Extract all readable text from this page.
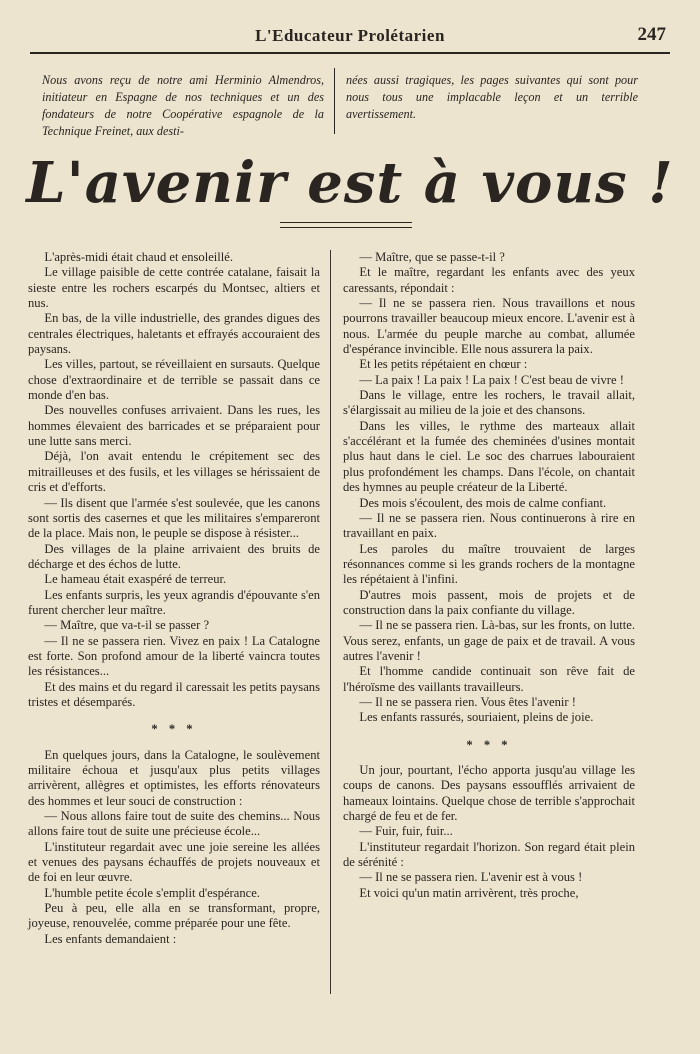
L'Educateur Prolétarien	247
Nous avons reçu de notre ami Herminio Almendros, initiateur en Espagne de nos techniques et un des fondateurs de notre Coopérative espagnole de la Technique Freinet, aux desti-
nées aussi tragiques, les pages suivantes qui sont pour nous tous une implacable leçon et un terrible avertissement.
L'avenir est à vous !

L'après-midi était chaud et ensoleillé.

Le village paisible de cette contrée catalane, faisait la sieste entre les rochers escarpés du Montsec, altiers et nus.

En bas, de la ville industrielle, des grandes digues des centrales électriques, haletants et effrayés accouraient des paysans.

Les villes, partout, se réveillaient en sursauts. Quelque chose d'extraordinaire et de terrible se passait dans ce monde d'en bas.

Des nouvelles confuses arrivaient. Dans les rues, les hommes élevaient des barricades et se préparaient pour une lutte sans merci.

Déjà, l'on avait entendu le crépitement sec des mitrailleuses et des fusils, et les villages se hérissaient de cris et d'efforts.

— Ils disent que l'armée s'est soulevée, que les canons sont sortis des casernes et que les militaires s'empareront de la place. Mais non, le peuple se dispose à résister...

Des villages de la plaine arrivaient des bruits de décharge et des échos de lutte.

Le hameau était exaspéré de terreur.

Les enfants surpris, les yeux agrandis d'épouvante s'en furent chercher leur maître.

— Maître, que va-t-il se passer ?

— Il ne se passera rien. Vivez en paix ! La Catalogne est forte. Son profond amour de la liberté vaincra toutes les résistances...

Et des mains et du regard il caressait les petits paysans tristes et désemparés.

* * *

En quelques jours, dans la Catalogne, le soulèvement militaire échoua et jusqu'aux plus petits villages arrivèrent, allègres et optimistes, les efforts rénovateurs des hommes et leur souci de construction :

— Nous allons faire tout de suite des chemins... Nous allons faire tout de suite une précieuse école...

L'instituteur regardait avec une joie sereine les allées et venues des paysans échauffés de projets nouveaux et de foi en leur œuvre.

L'humble petite école s'emplit d'espérance.

Peu à peu, elle alla en se transformant, propre, joyeuse, renouvelée, comme préparée pour une fête.

Les enfants demandaient :

— Maître, que se passe-t-il ?

Et le maître, regardant les enfants avec des yeux caressants, répondait :

— Il ne se passera rien. Nous travaillons et nous pourrons travailler beaucoup mieux encore. L'avenir est à nous. L'armée du peuple marche au combat, allumée d'espérance invincible. Elle nous assurera la paix.

Et les petits répétaient en chœur :

— La paix ! La paix ! La paix ! C'est beau de vivre !

Dans le village, entre les rochers, le travail allait, s'élargissait au milieu de la joie et des chansons.

Dans les villes, le rythme des marteaux allait s'accélérant et la fumée des cheminées d'usines montait plus haut dans le ciel. Le soc des charrues labouraient plus profondément les champs. Dans l'école, on chantait des hymnes au peuple créateur de la Liberté.

Des mois s'écoulent, des mois de calme confiant.

— Il ne se passera rien. Nous continuerons à rire en travaillant en paix.

Les paroles du maître trouvaient de larges résonnances comme si les grands rochers de la montagne les répétaient à l'infini.

D'autres mois passent, mois de projets et de construction dans la paix confiante du village.

— Il ne se passera rien. Là-bas, sur les fronts, on lutte. Vous serez, enfants, un gage de paix et de travail. A vous autres l'avenir !

Et l'homme candide continuait son rêve fait de l'héroïsme des vaillants travailleurs.

— Il ne se passera rien. Vous êtes l'avenir !

Les enfants rassurés, souriaient, pleins de joie.

* * *

Un jour, pourtant, l'écho apporta jusqu'au village les coups de canons. Des paysans essoufflés arrivaient de hameaux lointains. Quelque chose de terrible s'approchait chargé de feu et de fer.

— Fuir, fuir, fuir...

L'instituteur regardait l'horizon. Son regard était plein de sérénité :

— Il ne se passera rien. L'avenir est à vous !

Et voici qu'un matin arrivèrent, très proche,
